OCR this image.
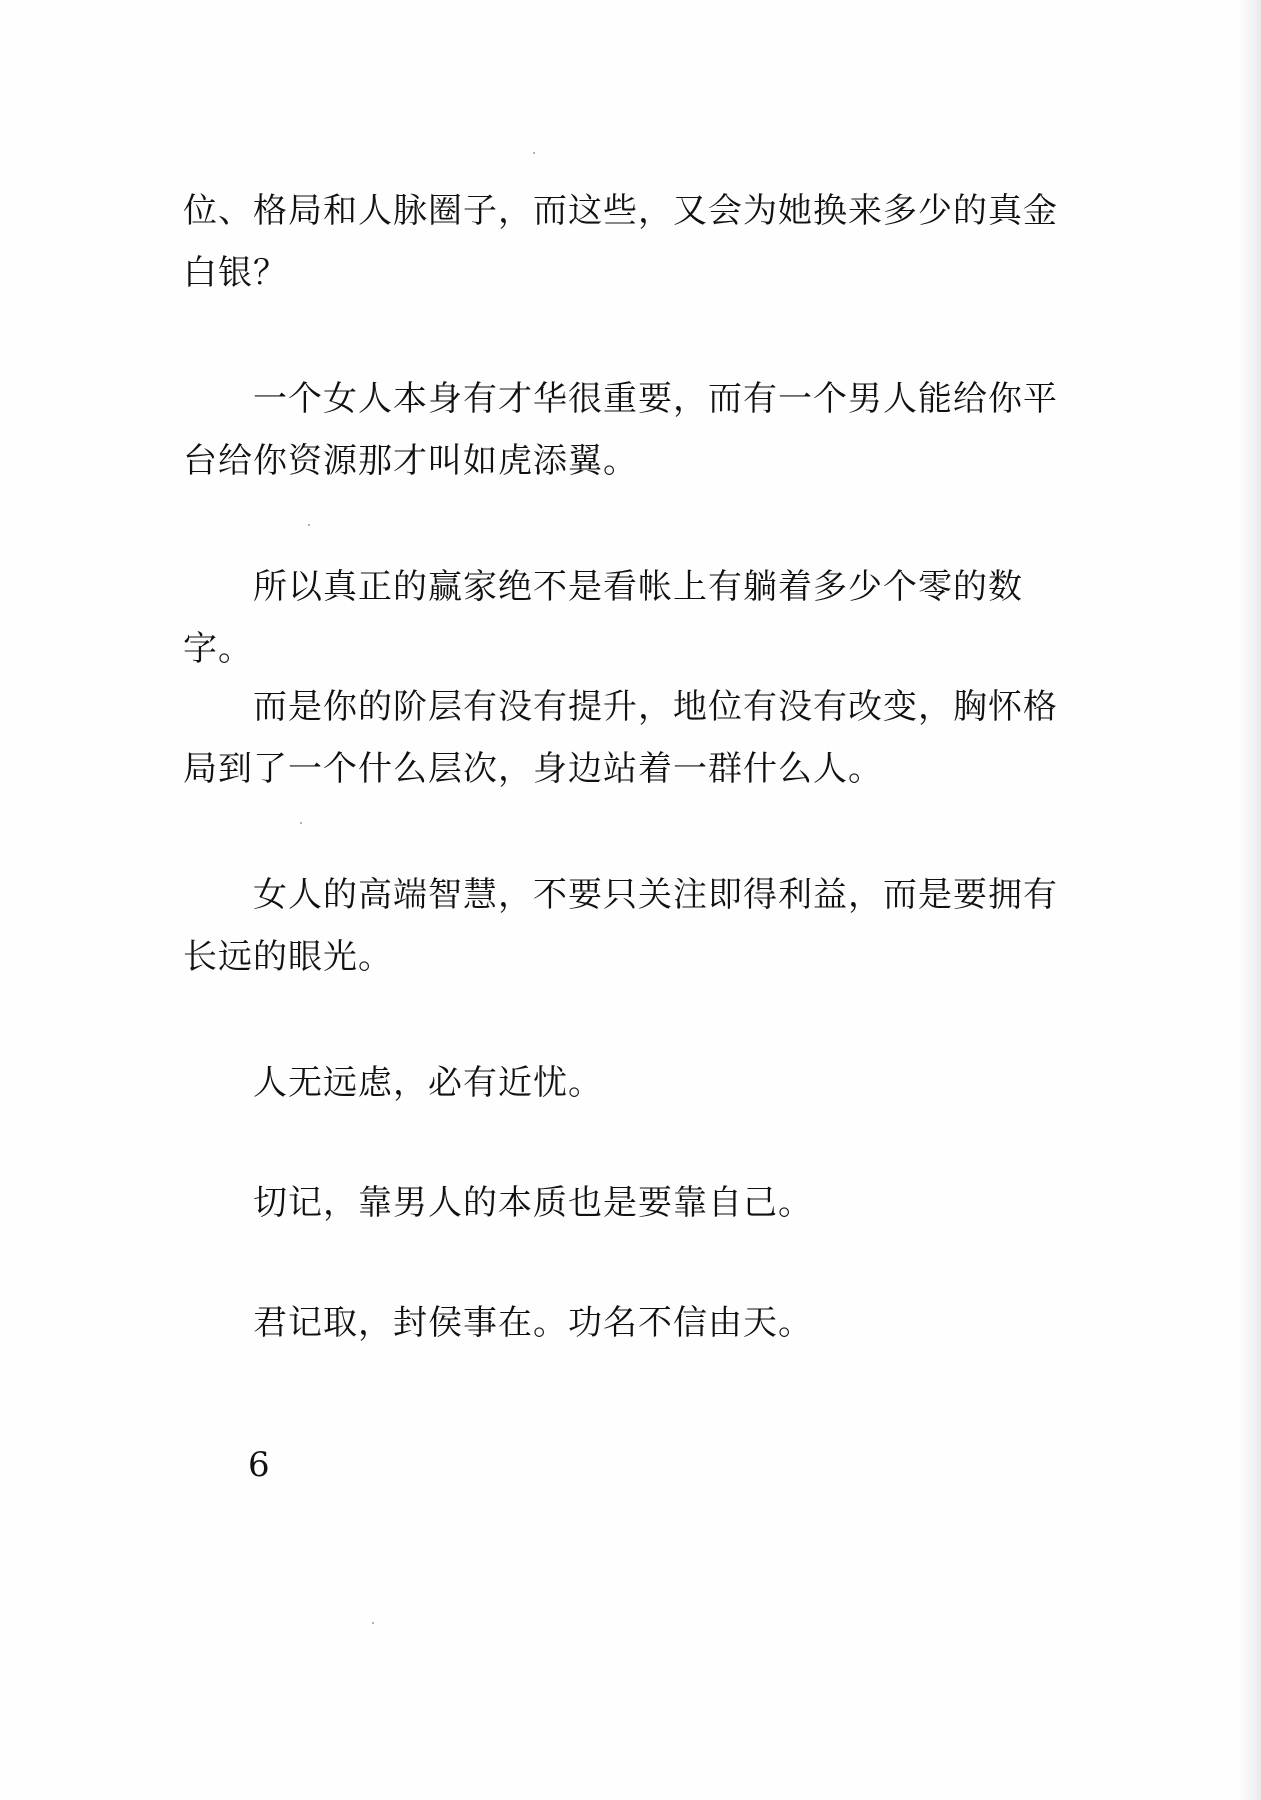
位、格局和人脉圈子，而这些，又会为她换来多少的真金白银？

　　一个女人本身有才华很重要，而有一个男人能给你平台给你资源那才叫如虎添翼。

　　所以真正的赢家绝不是看帐上有躺着多少个零的数字。

　　而是你的阶层有没有提升，地位有没有改变，胸怀格局到了一个什么层次，身边站着一群什么人。

　　女人的高端智慧，不要只关注即得利益，而是要拥有长远的眼光。

　　人无远虑，必有近忧。

　　切记，靠男人的本质也是要靠自己。

　　君记取，封侯事在。功名不信由天。

6
